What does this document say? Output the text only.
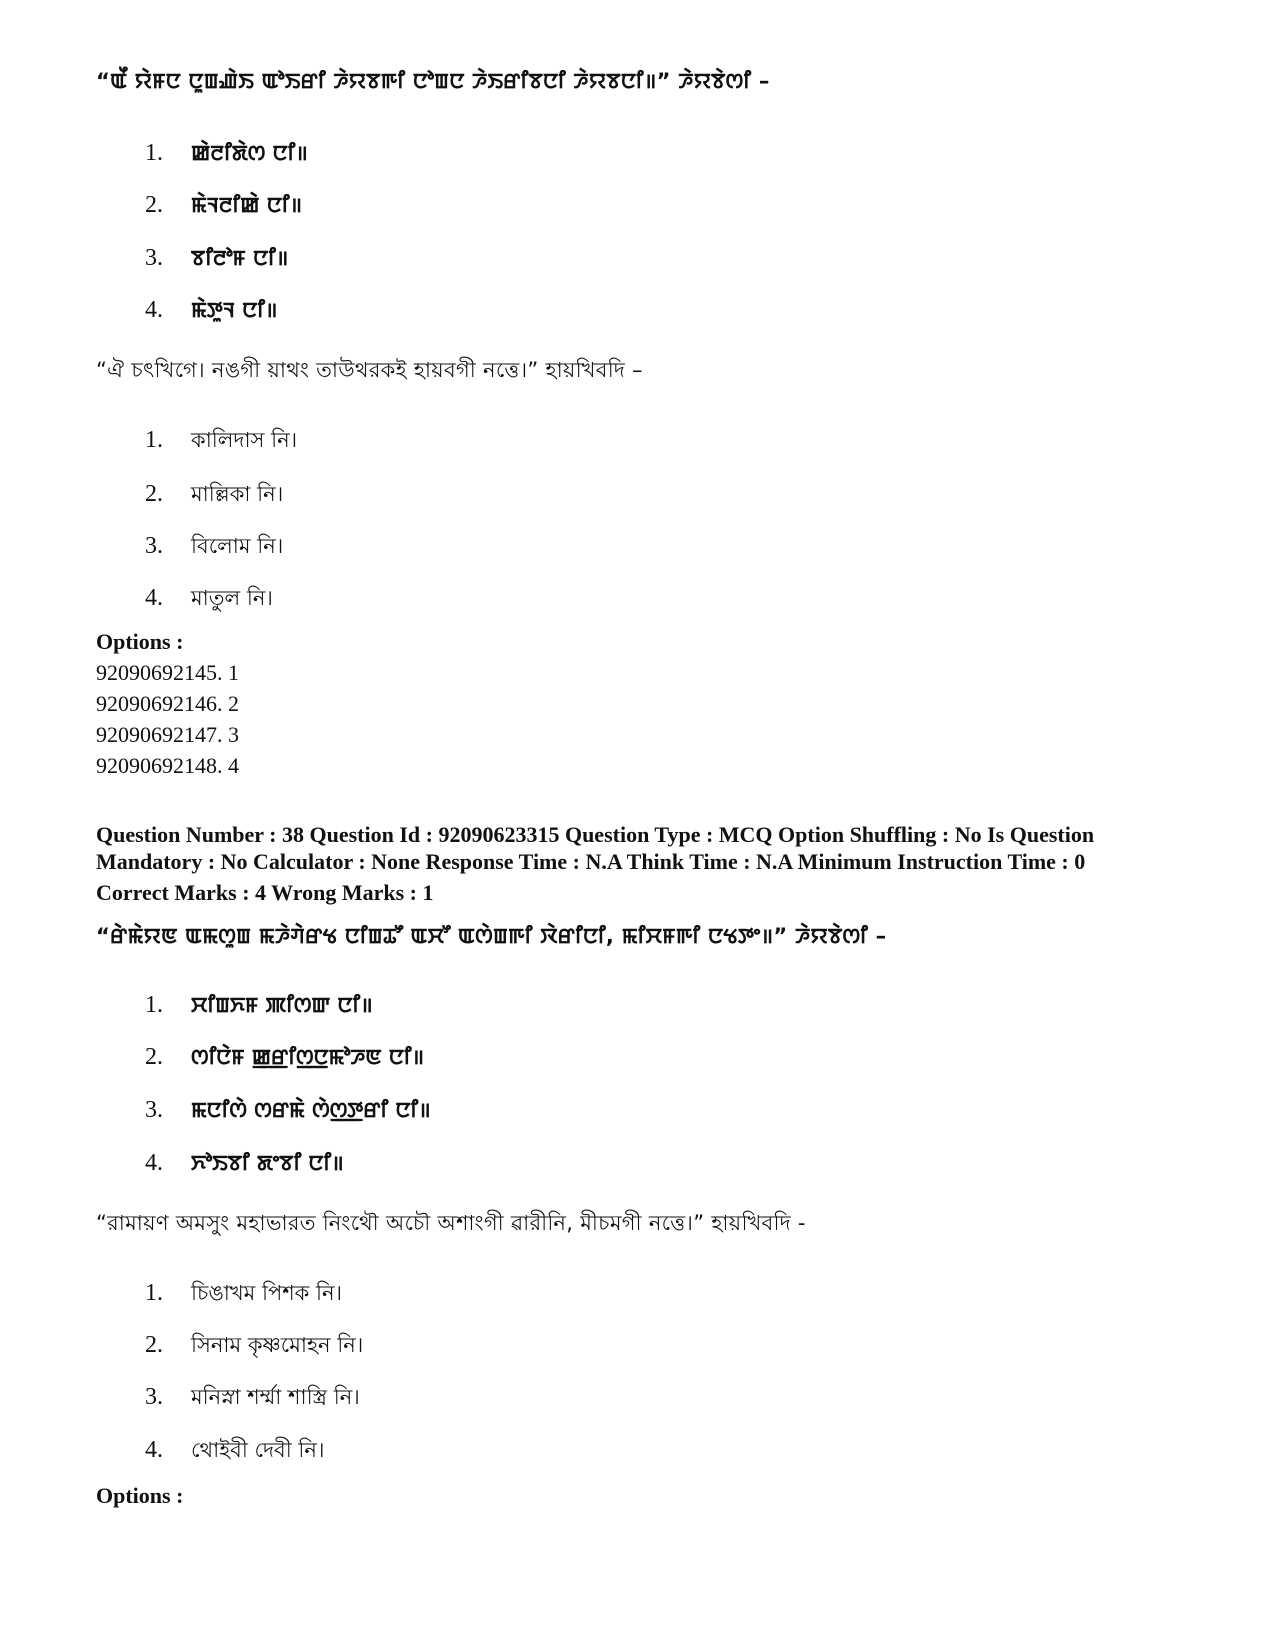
“ꯑꯩ ꯌꯥꯝꯅ ꯅꯨꯡꯉꯥꯏ ꯑꯣꯏꯔꯤ ꯍꯥꯌꯕꯒꯤ ꯅꯣꯡꯅ ꯍꯥꯏꯔꯤꯕꯅꯤ ꯍꯥꯌꯕꯅꯤ॥” ꯍꯥꯌꯕꯥꯁꯤ –
1. ꯀꯥꯂꯤꯗꯥꯁ ꯅꯤ॥
2. ꯃꯥꯜꯂꯤꯀꯥ ꯅꯤ॥
3. ꯕꯤꯂꯣꯝ ꯅꯤ॥
4. ꯃꯥꯇꯨꯜ ꯅꯤ॥
“ঐ চৎখিগে। নঙগী য়াথং তাউথরকই হায়বগী নত্তে।” হায়খিবদি –
1. কালিদাস নি।
2. মাল্লিকা নি।
3. বিলোম নি।
4. মাতুল নি।
Options :
92090692145. 1
92090692146. 2
92090692147. 3
92090692148. 4
Question Number : 38 Question Id : 92090623315 Question Type : MCQ Option Shuffling : No Is Question
Mandatory : No Calculator : None Response Time : N.A Think Time : N.A Minimum Instruction Time : 0
Correct Marks : 4 Wrong Marks : 1
“ꯔꯥꯃꯥꯌꯟ ꯑꯃꯁꯨꯡ ꯃꯍꯥꯚꯥꯔꯠ ꯅꯤꯡꯊꯧ ꯑꯆꯧ ꯑꯁꯥꯡꯒꯤ ꯋꯥꯔꯤꯅꯤ, ꯃꯤꯆꯝꯒꯤ ꯅꯠꯇꯦ॥” ꯍꯥꯌꯕꯥꯁꯤ –
1. ꯆꯤꯡꯈꯝ ꯄꯤꯁꯛ ꯅꯤ॥
2. ꯁꯤꯅꯥꯝ ꯀ꯭ꯔꯤꯁ꯭ꯅꯃꯣꯍꯟ ꯅꯤ॥
3. ꯃꯅꯤꯁꯥ ꯁꯔꯃꯥ ꯁꯥꯁ꯭ꯇꯔꯤ ꯅꯤ॥
4. ꯈꯣꯏꯕꯤ ꯗꯦꯕꯤ ꯅꯤ॥
“রামায়ণ অমসুং মহাভারত নিংথৌ অচৌ অশাংগী ৱারীনি, মীচমগী নত্তে।” হায়খিবদি -
1. চিঙাখম পিশক নি।
2. সিনাম কৃষ্ণমোহন নি।
3. মনিস্না শর্ম্মা শাস্ত্রি নি।
4. থোইবী দেবী নি।
Options :
